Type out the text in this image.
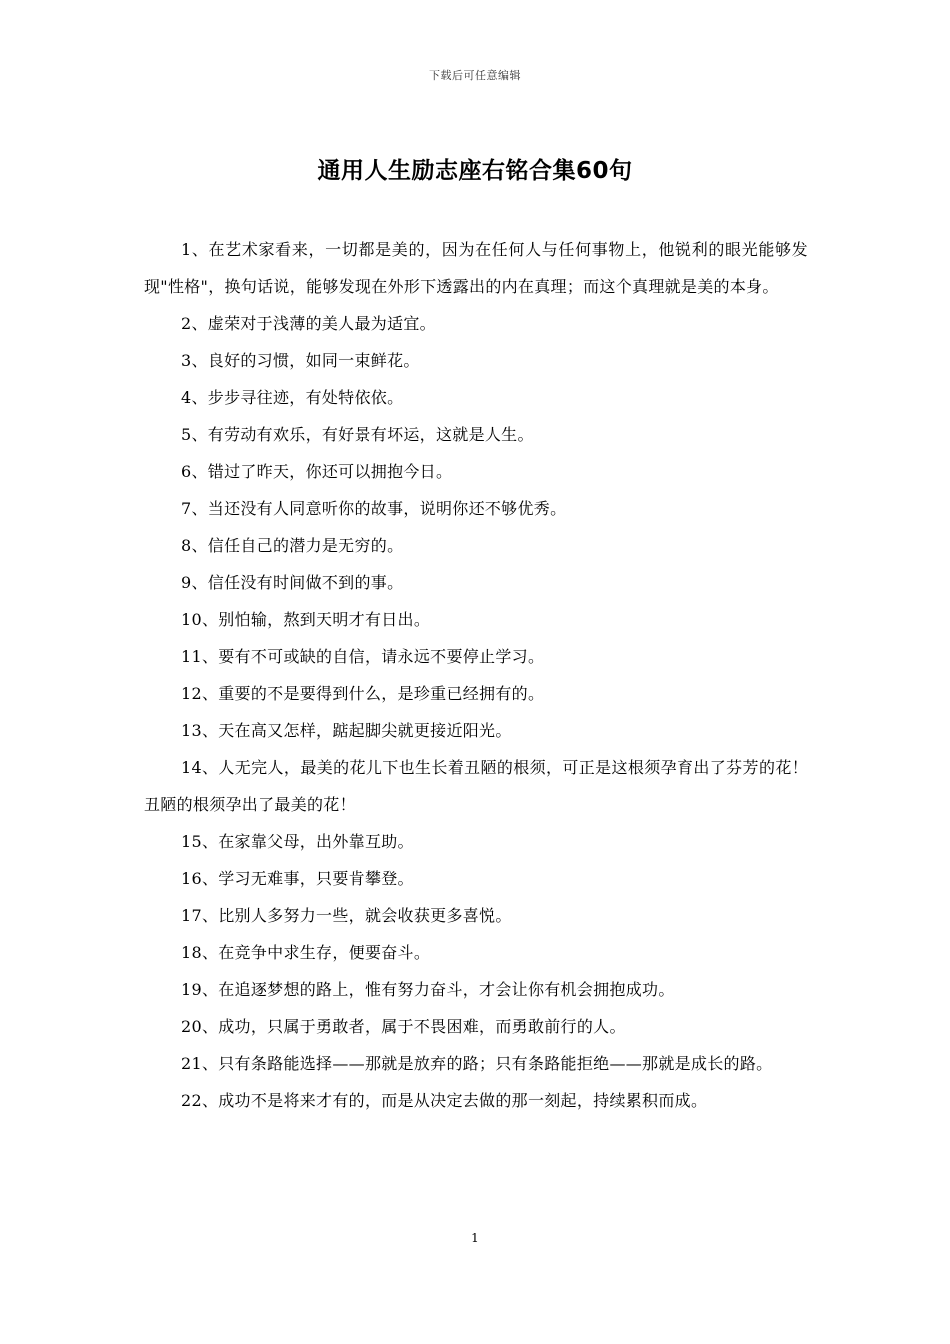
下载后可任意编辑
通用人生励志座右铭合集60句

1、在艺术家看来，一切都是美的，因为在任何人与任何事物上，他锐利的眼光能够发现"性格"，换句话说，能够发现在外形下透露出的内在真理；而这个真理就是美的本身。

2、虚荣对于浅薄的美人最为适宜。

3、良好的习惯，如同一束鲜花。

4、步步寻往迹，有处特依依。

5、有劳动有欢乐，有好景有坏运，这就是人生。

6、错过了昨天，你还可以拥抱今日。

7、当还没有人同意听你的故事，说明你还不够优秀。

8、信任自己的潜力是无穷的。

9、信任没有时间做不到的事。

10、别怕输，熬到天明才有日出。

11、要有不可或缺的自信，请永远不要停止学习。

12、重要的不是要得到什么，是珍重已经拥有的。

13、天在高又怎样，踮起脚尖就更接近阳光。

14、人无完人，最美的花儿下也生长着丑陋的根须，可正是这根须孕育出了芬芳的花！丑陋的根须孕出了最美的花！

15、在家靠父母，出外靠互助。

16、学习无难事，只要肯攀登。

17、比别人多努力一些，就会收获更多喜悦。

18、在竞争中求生存，便要奋斗。

19、在追逐梦想的路上，惟有努力奋斗，才会让你有机会拥抱成功。

20、成功，只属于勇敢者，属于不畏困难，而勇敢前行的人。

21、只有条路能选择——那就是放弃的路；只有条路能拒绝——那就是成长的路。

22、成功不是将来才有的，而是从决定去做的那一刻起，持续累积而成。

1
